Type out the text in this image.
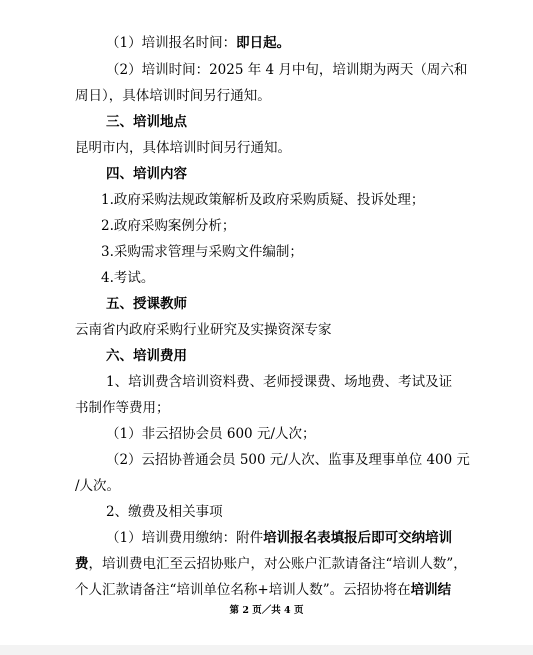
（1）培训报名时间：即日起。
（2）培训时间：2025 年 4 月中旬，培训期为两天（周六和
周日），具体培训时间另行通知。
三、培训地点
昆明市内，具体培训时间另行通知。
四、培训内容
1.政府采购法规政策解析及政府采购质疑、投诉处理；
2.政府采购案例分析；
3.采购需求管理与采购文件编制；
4.考试。
五、授课教师
云南省内政府采购行业研究及实操资深专家
六、培训费用
1、培训费含培训资料费、老师授课费、场地费、考试及证
书制作等费用；
（1）非云招协会员 600 元/人次；
（2）云招协普通会员 500 元/人次、监事及理事单位 400 元
/人次。
2、缴费及相关事项
（1）培训费用缴纳：附件培训报名表填报后即可交纳培训
费，培训费电汇至云招协账户，对公账户汇款请备注“培训人数”，
个人汇款请备注“培训单位名称+培训人数”。云招协将在培训结
第 2 页／共 4 页
